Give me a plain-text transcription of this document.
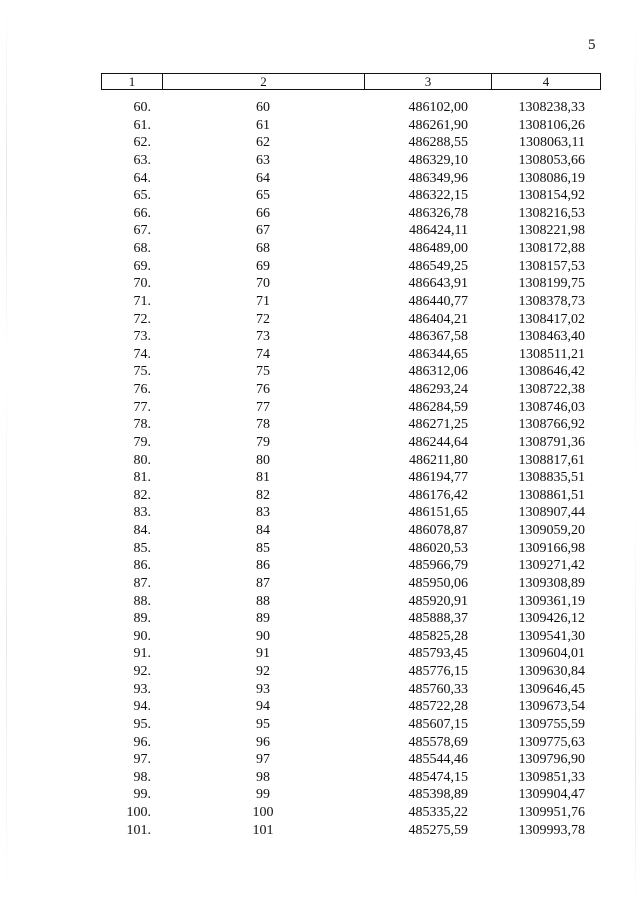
5
1	2	3	4
60.	60	486102,00	1308238,33
61.	61	486261,90	1308106,26
62.	62	486288,55	1308063,11
63.	63	486329,10	1308053,66
64.	64	486349,96	1308086,19
65.	65	486322,15	1308154,92
66.	66	486326,78	1308216,53
67.	67	486424,11	1308221,98
68.	68	486489,00	1308172,88
69.	69	486549,25	1308157,53
70.	70	486643,91	1308199,75
71.	71	486440,77	1308378,73
72.	72	486404,21	1308417,02
73.	73	486367,58	1308463,40
74.	74	486344,65	1308511,21
75.	75	486312,06	1308646,42
76.	76	486293,24	1308722,38
77.	77	486284,59	1308746,03
78.	78	486271,25	1308766,92
79.	79	486244,64	1308791,36
80.	80	486211,80	1308817,61
81.	81	486194,77	1308835,51
82.	82	486176,42	1308861,51
83.	83	486151,65	1308907,44
84.	84	486078,87	1309059,20
85.	85	486020,53	1309166,98
86.	86	485966,79	1309271,42
87.	87	485950,06	1309308,89
88.	88	485920,91	1309361,19
89.	89	485888,37	1309426,12
90.	90	485825,28	1309541,30
91.	91	485793,45	1309604,01
92.	92	485776,15	1309630,84
93.	93	485760,33	1309646,45
94.	94	485722,28	1309673,54
95.	95	485607,15	1309755,59
96.	96	485578,69	1309775,63
97.	97	485544,46	1309796,90
98.	98	485474,15	1309851,33
99.	99	485398,89	1309904,47
100.	100	485335,22	1309951,76
101.	101	485275,59	1309993,78
